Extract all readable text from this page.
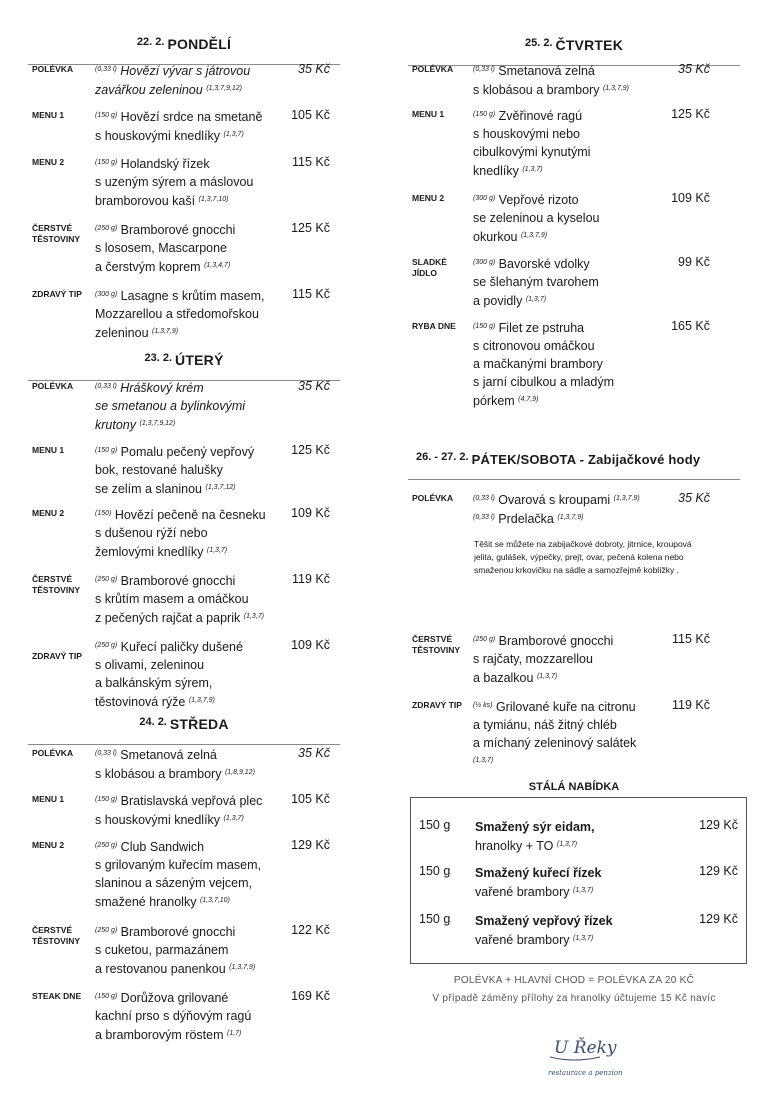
$^{22. 2.}$ PONDĚLÍ
POLÉVKA	$^{(0,33 l)}$ Hovězí vývar s játrovou
zavářkou zeleninou $^{(1,3,7,9,12)}$
35 Kč
MENU 1	$^{(150 g)}$ Hovězí srdce na smetaně
s houskovými knedlíky $^{(1,3,7)}$
105 Kč
MENU 2	$^{(150 g)}$ Holandský řízek
s uzeným sýrem a máslovou
bramborovou kaší $^{(1,3,7,10)}$
115 Kč
ČERSTVÉ TĚSTOVINY
$^{(250 g)}$ Bramborové gnocchi
s lososem, Mascarpone
a čerstvým koprem $^{(1,3,4,7)}$
125 Kč
ZDRAVÝ TIP	$^{(300 g)}$ Lasagne s krůtím masem,
Mozzarellou a středomořskou
zeleninou $^{(1,3,7,9)}$
115 Kč
$^{23. 2.}$ ÚTERÝ
POLÉVKA	$^{(0,33 l)}$ Hráškový krém
se smetanou a bylinkovými
krutony $^{(1,3,7,9,12)}$
35 Kč
MENU 1	$^{(150 g)}$ Pomalu pečený vepřový
bok, restované halušky
se zelím a slaninou $^{(1,3,7,12)}$
125 Kč
MENU 2	$^{(150)}$ Hovězí pečeně na česneku
s dušenou rýží nebo
žemlovými knedlíky $^{(1,3,7)}$
109 Kč
ČERSTVÉ TĚSTOVINY
$^{(250 g)}$ Bramborové gnocchi
s krůtím masem a omáčkou
z pečených rajčat a paprik $^{(1,3,7)}$
119 Kč
ZDRAVÝ TIP
$^{(250 g)}$ Kuřecí paličky dušené
s olivami, zeleninou
a balkánským sýrem,
těstovinová rýže $^{(1,3,7,9)}$
109 Kč
$^{24. 2.}$ STŘEDA
POLÉVKA	$^{(0,33 l)}$ Smetanová zelná
s klobásou a brambory $^{(1,8,9,12)}$
35 Kč
MENU 1	$^{(150 g)}$ Bratislavská vepřová plec
s houskovými knedlíky $^{(1,3,7)}$
105 Kč
MENU 2	$^{(250 g)}$ Club Sandwich
s grilovaným kuřecím masem,
slaninou a sázeným vejcem,
smažené hranolky $^{(1,3,7,10)}$
129 Kč
ČERSTVÉ TĚSTOVINY
$^{(250 g)}$ Bramborové gnocchi
s cuketou, parmazánem
a restovanou panenkou $^{(1,3,7,9)}$
122 Kč
STEAK DNE	$^{(150 g)}$ Dorůžova grilované
kachní prso s dýňovým ragú
a bramborovým röstem $^{(1,7)}$
169 Kč
$^{25. 2.}$ ČTVRTEK
POLÉVKA	$^{(0,33 l)}$ Smetanová zelná
s klobásou a brambory $^{(1,3,7,9)}$
35 Kč
MENU 1	$^{(150 g)}$ Zvěřinové ragú
s houskovými nebo
cibulkovými kynutými
knedlíky $^{(1,3,7)}$
125 Kč
MENU 2	$^{(300 g)}$ Vepřové rizoto
se zeleninou a kyselou
okurkou $^{(1,3,7,9)}$
109 Kč
SLADKÉ JÍDLO
$^{(300 g)}$ Bavorské vdolky
se šlehaným tvarohem
a povidly $^{(1,3,7)}$
99 Kč
RYBA DNE	$^{(150 g)}$ Filet ze pstruha
s citronovou omáčkou
a mačkanými brambory
s jarní cibulkou a mladým
pórkem $^{(4,7,9)}$
165 Kč
$^{26. - 27. 2.}$ PÁTEK/SOBOTA - Zabijačkové hody
POLÉVKA	$^{(0,33 l)}$ Ovarová s kroupami $^{(1,3,7,9)}$
$^{(0,33 l)}$ Prdelačka $^{(1,3,7,9)}$
35 Kč
Těšit se můžete na zabijačkové dobroty, jitrnice, kroupová jelita, gulášek, výpečky, prejt, ovar, pečená kolena nebo smaženou krkovičku na sádle a samozřejmě koblížky .
ČERSTVÉ TĚSTOVINY
$^{(250 g)}$ Bramborové gnocchi
s rajčaty, mozzarellou
a bazalkou $^{(1,3,7)}$
115 Kč
ZDRAVÝ TIP	$^{(\frac{1}{2} ks)}$ Grilované kuře na citronu
a tymiánu, náš žitný chléb
a míchaný zeleninový salátek
$^{(1,3,7)}$
119 Kč
STÁLÁ NABÍDKA
150 g Smažený sýr eidam,
hranolky + TO $^{(1,3,7)}$
129 Kč
150 g Smažený kuřecí řízek
vařené brambory $^{(1,3,7)}$
129 Kč
150 g Smažený vepřový řízek
vařené brambory $^{(1,3,7)}$
129 Kč
POLÉVKA + HLAVNÍ CHOD = POLÉVKA ZA 20 KČ
V případě záměny přílohy za hranolky účtujeme 15 Kč navíc
U Řeky
restaurace a penzion
